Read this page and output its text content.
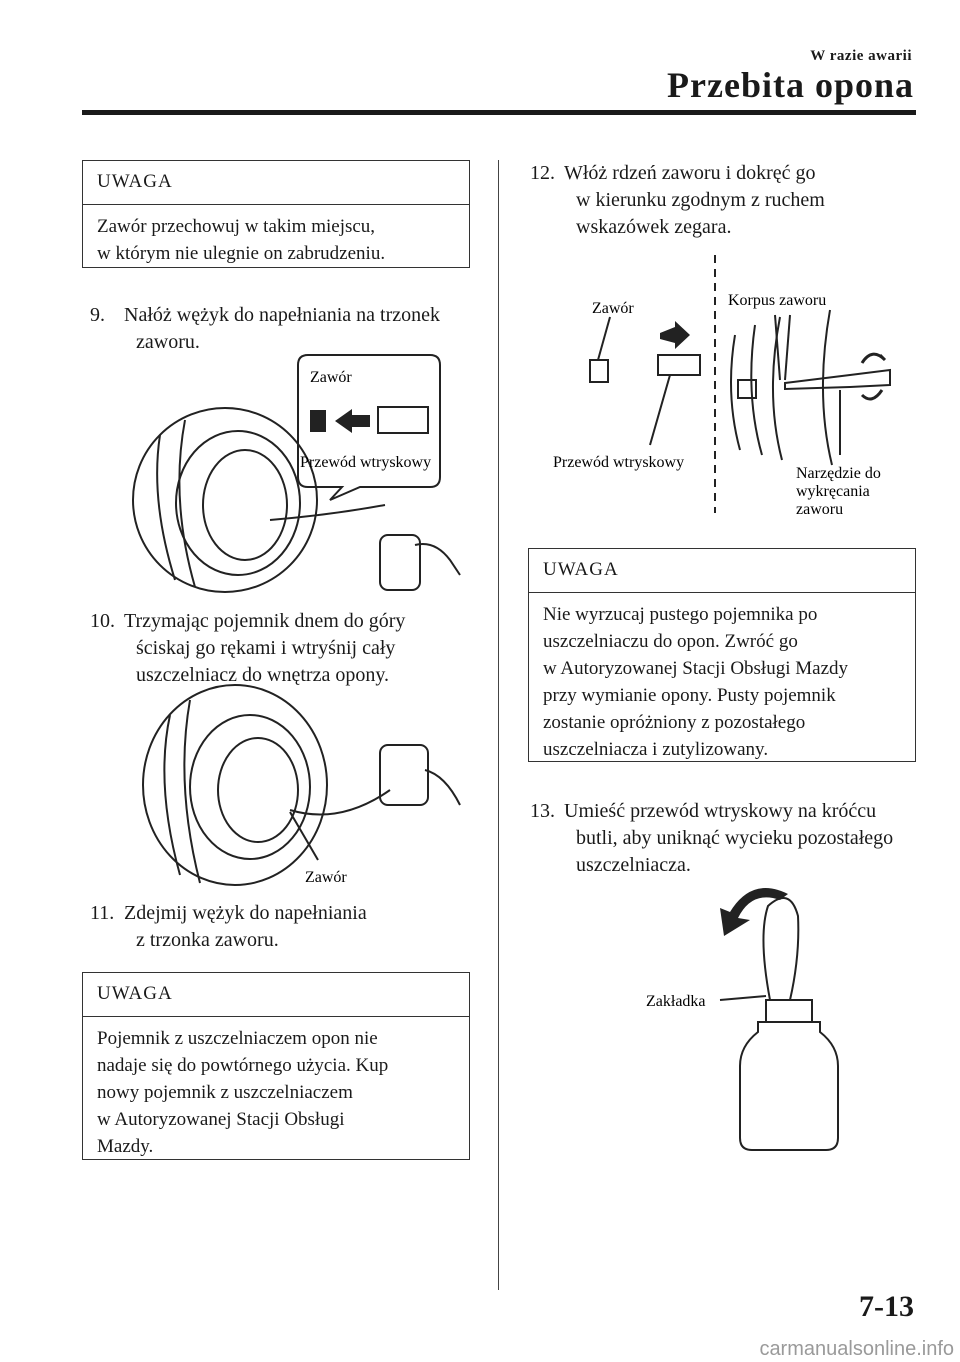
W razie awarii
Przebita opona
UWAGA
Zawór przechowuj w takim miejscu,
w którym nie ulegnie on zabrudzeniu.
9. Nałóż wężyk do napełniania na trzonek
zaworu.
Zawór
Przewód wtryskowy
10. Trzymając pojemnik dnem do góry
ściskaj go rękami i wtryśnij cały
uszczelniacz do wnętrza opony.
Zawór
11. Zdejmij wężyk do napełniania
z trzonka zaworu.
UWAGA
Pojemnik z uszczelniaczem opon nie
nadaje się do powtórnego użycia. Kup
nowy pojemnik z uszczelniaczem
w Autoryzowanej Stacji Obsługi
Mazdy.
12. Włóż rdzeń zaworu i dokręć go
w kierunku zgodnym z ruchem
wskazówek zegara.
Zawór	Korpus zaworu
Przewód wtryskowy
Narzędzie do
wykręcania
zaworu
UWAGA
Nie wyrzucaj pustego pojemnika po
uszczelniaczu do opon. Zwróć go
w Autoryzowanej Stacji Obsługi Mazdy
przy wymianie opony. Pusty pojemnik
zostanie opróżniony z pozostałego
uszczelniacza i zutylizowany.
13. Umieść przewód wtryskowy na króćcu
butli, aby uniknąć wycieku pozostałego
uszczelniacza.
Zakładka
7-13
carmanualsonline.info
